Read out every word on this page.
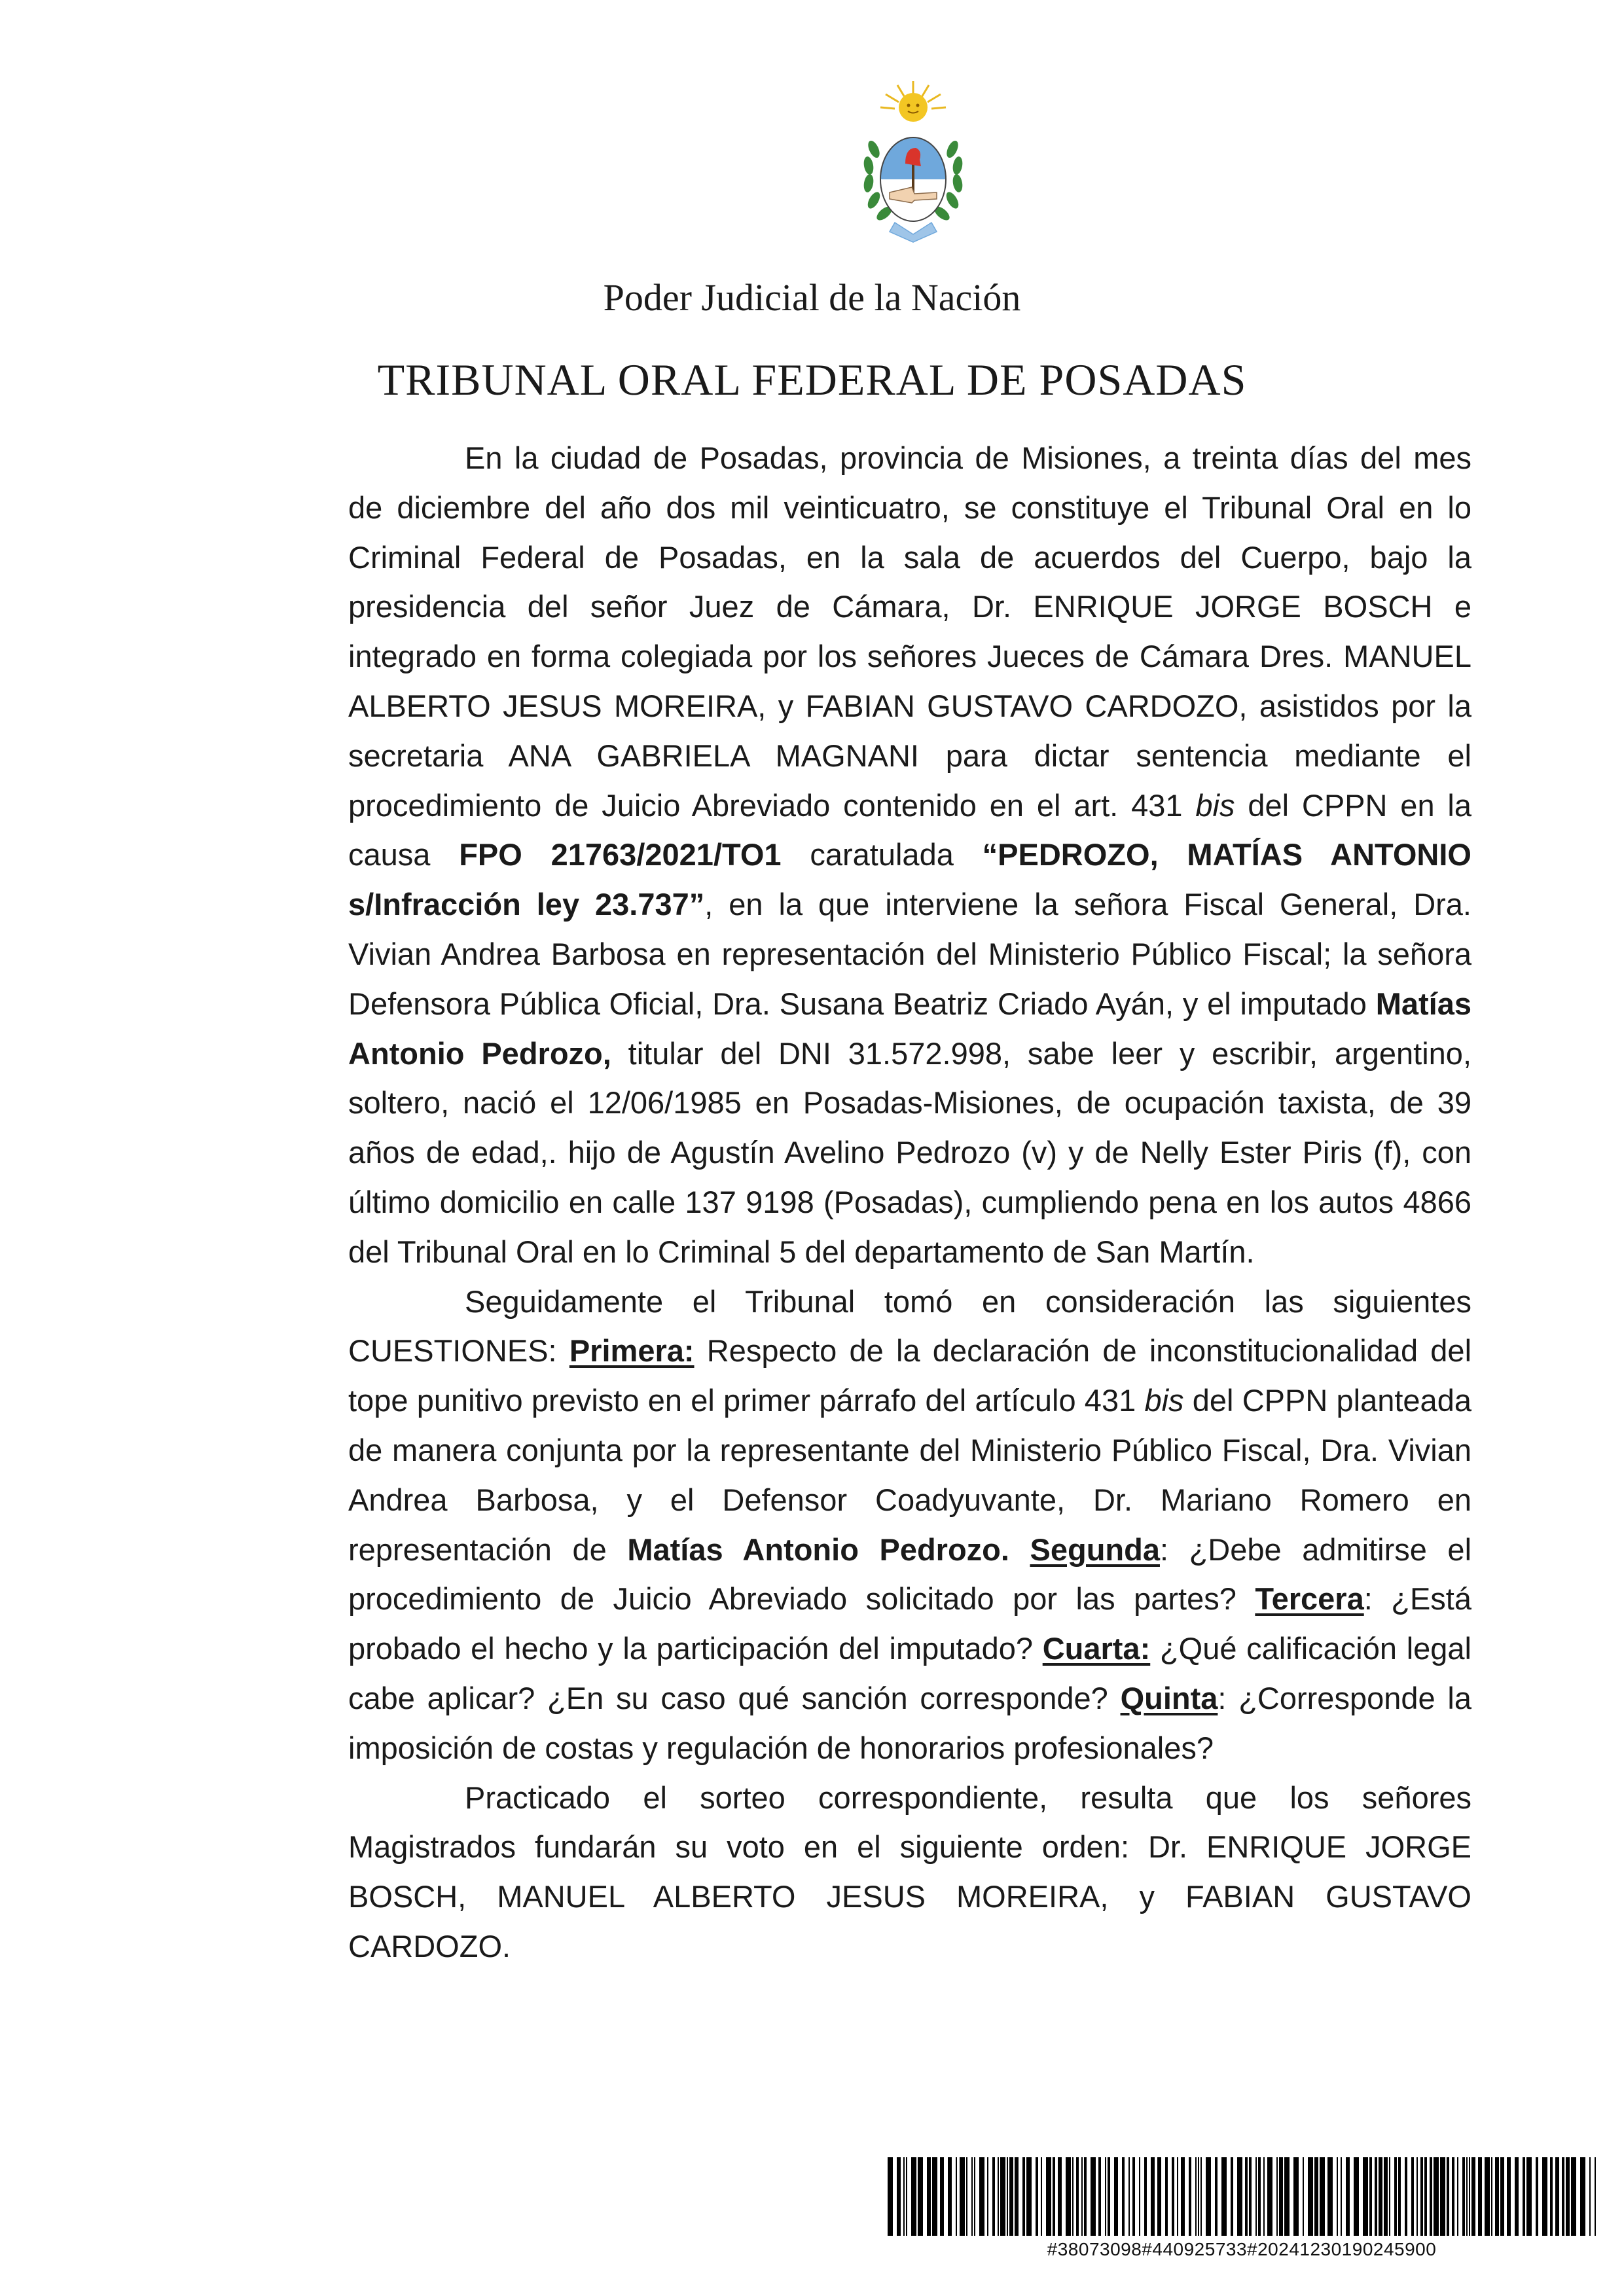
Poder Judicial de la Nación
TRIBUNAL ORAL FEDERAL DE POSADAS

En la ciudad de Posadas, provincia de Misiones, a treinta días del mes de diciembre del año dos mil veinticuatro, se constituye el Tribunal Oral en lo Criminal Federal de Posadas, en la sala de acuerdos del Cuerpo, bajo la presidencia del señor Juez de Cámara, Dr. ENRIQUE JORGE BOSCH e integrado en forma colegiada por los señores Jueces de Cámara Dres. MANUEL ALBERTO JESUS MOREIRA, y FABIAN GUSTAVO CARDOZO, asistidos por la secretaria ANA GABRIELA MAGNANI para dictar sentencia mediante el procedimiento de Juicio Abreviado contenido en el art. 431 bis del CPPN en la causa FPO 21763/2021/TO1 caratulada “PEDROZO, MATÍAS ANTONIO s/Infracción ley 23.737”, en la que interviene la señora Fiscal General, Dra. Vivian Andrea Barbosa en representación del Ministerio Público Fiscal; la señora Defensora Pública Oficial, Dra. Susana Beatriz Criado Ayán, y el imputado Matías Antonio Pedrozo, titular del DNI 31.572.998, sabe leer y escribir, argentino, soltero, nació el 12/06/1985 en Posadas-Misiones, de ocupación taxista, de 39 años de edad,. hijo de Agustín Avelino Pedrozo (v) y de Nelly Ester Piris (f), con último domicilio en calle 137 9198 (Posadas), cumpliendo pena en los autos 4866 del Tribunal Oral en lo Criminal 5 del departamento de San Martín.

Seguidamente el Tribunal tomó en consideración las siguientes CUESTIONES: Primera: Respecto de la declaración de inconstitucionalidad del tope punitivo previsto en el primer párrafo del artículo 431 bis del CPPN planteada de manera conjunta por la representante del Ministerio Público Fiscal, Dra. Vivian Andrea Barbosa, y el Defensor Coadyuvante, Dr. Mariano Romero en representación de Matías Antonio Pedrozo. Segunda: ¿Debe admitirse el procedimiento de Juicio Abreviado solicitado por las partes? Tercera: ¿Está probado el hecho y la participación del imputado? Cuarta: ¿Qué calificación legal cabe aplicar? ¿En su caso qué sanción corresponde? Quinta: ¿Corresponde la imposición de costas y regulación de honorarios profesionales?

Practicado el sorteo correspondiente, resulta que los señores Magistrados fundarán su voto en el siguiente orden: Dr. ENRIQUE JORGE BOSCH, MANUEL ALBERTO JESUS MOREIRA, y FABIAN GUSTAVO CARDOZO.

#38073098#440925733#20241230190245900
